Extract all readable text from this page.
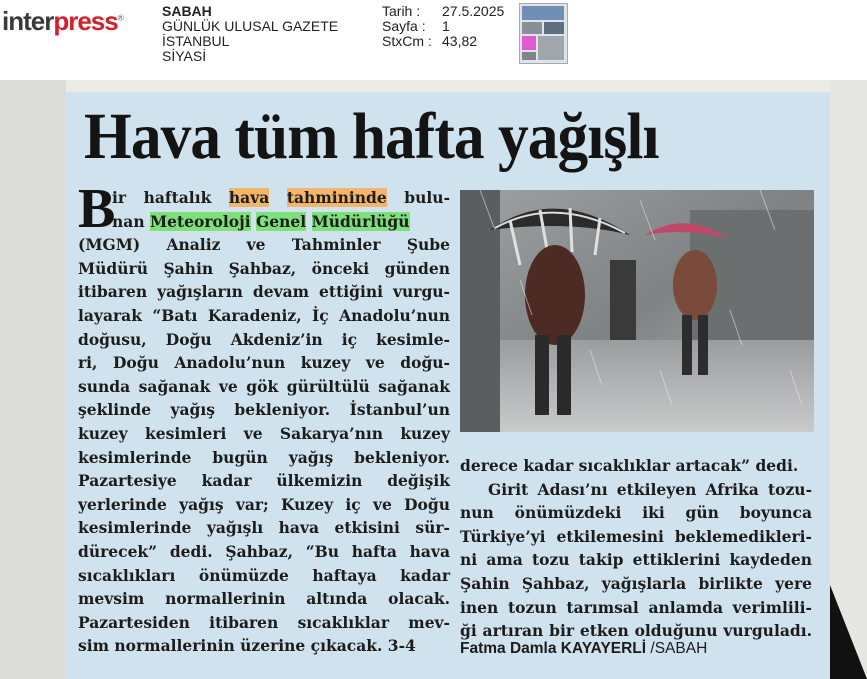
interpress®	SABAH
GÜNLÜK ULUSAL GAZETE
İSTANBUL
SİYASİ
Tarih :	27.5.2025
Sayfa :	1
StxCm : 43,82
Hava tüm hafta yağışlı
ir haftalık hava tahmininde bulu-
nan Meteoroloji Genel Müdürlüğü
(MGM) Analiz ve Tahminler Şube
Müdürü Şahin Şahbaz, önceki günden
itibaren yağışların devam ettiğini vurgu-
layarak “Batı Karadeniz, İç Anadolu’nun
doğusu, Doğu Akdeniz’in iç kesimle-
ri, Doğu Anadolu’nun kuzey ve doğu-
sunda sağanak ve gök gürültülü sağanak
şeklinde yağış bekleniyor. İstanbul’un
kuzey kesimleri ve Sakarya’nın kuzey
kesimlerinde bugün yağış bekleniyor.
Pazartesiye kadar ülkemizin değişik
yerlerinde yağış var; Kuzey iç ve Doğu
kesimlerinde yağışlı hava etkisini sür-
dürecek” dedi. Şahbaz, “Bu hafta hava
sıcaklıkları önümüzde haftaya kadar
mevsim normallerinin altında olacak.
Pazartesiden itibaren sıcaklıklar mev-
sim normallerinin üzerine çıkacak. 3-4
B
derece kadar sıcaklıklar artacak” dedi.
Girit Adası’nı etkileyen Afrika tozu-
nun önümüzdeki iki gün boyunca
Türkiye’yi etkilemesini beklemedikleri-
ni ama tozu takip ettiklerini kaydeden
Şahin Şahbaz, yağışlarla birlikte yere
inen tozun tarımsal anlamda verimlili-
ği artıran bir etken olduğunu vurguladı.
Fatma Damla KAYAYERLİ /SABAH
